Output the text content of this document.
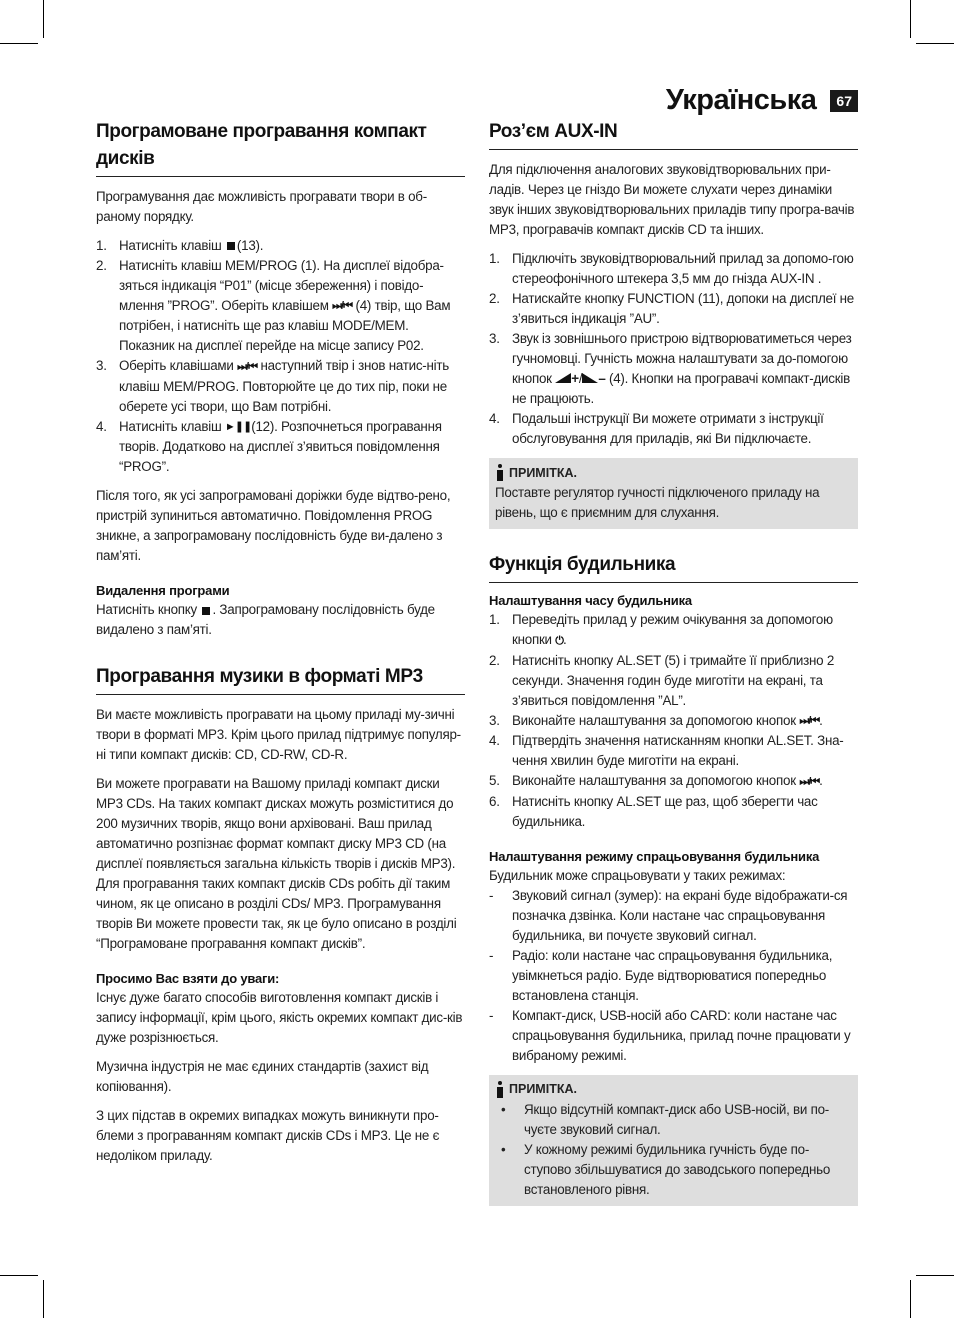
Українська	67
Програмоване програвання компакт дисків

Програмування дає можливість програвати твори в об-раному порядку.

1. Натисніть клавіш (13).
2. Натисніть клавіш MEM/PROG (1). На дисплеї відобра-зяться індикація “P01” (місце збереження) і повідо-млення ”PROG”. Оберіть клавішем ⏭/⏮ (4) твір, що Вам потрібен, і натисніть ще раз клавіш MODE/MEM. Показник на дисплеї перейде на місце запису P02.
3. Оберіть клавішами ⏭/⏮ наступний твір і знов натис-ніть клавіш MEM/PROG. Повторюйте це до тих пір, поки не оберете усі твори, що Вам потрібні.
4. Натисніть клавіш ►❚❚(12). Розпочнеться програвання творів. Додатково на дисплеї з’явиться повідомлення “PROG”.

Після того, як усі запрограмовані доріжки буде відтво-рено, пристрій зупиниться автоматично. Повідомлення PROG зникне, а запрограмовану послідовність буде ви-далено з пам’яті.

Видалення програми

Натисніть кнопку . Запрограмовану послідовність буде видалено з пам’яті.

Програвання музики в форматі MP3

Ви маєте можливість програвати на цьому приладі му-зичні твори в форматі MP3. Крім цього прилад підтримує популяр-ні типи компакт дисків: CD, CD-RW, CD-R.

Ви можете програвати на Вашому приладі компакт диски MP3 CDs. На таких компакт дисках можуть розміститися до 200 музичних творів, якщо вони архівовані. Ваш прилад автоматично розпізнає формат компакт диску MP3 CD (на дисплеї появляється загальна кількість творів і дисків MP3). Для програвання таких компакт дисків CDs робіть дії таким чином, як це описано в розділі CDs/ MP3. Програмування творів Ви можете провести так, як це було описано в розділі “Програмоване програвання компакт дисків”.

Просимо Вас взяти до уваги:

Існує дуже багато способів виготовлення компакт дисків і запису інформації, крім цього, якість окремих компакт дис-ків дуже розрізнюється.

Музична індустрія не має єдиних стандартів (захист від копіювання).

З цих підстав в окремих випадках можуть виникнути про-блеми з програванням компакт дисків CDs і MP3. Це не є недоліком приладу.

Роз’єм AUX-IN

Для підключення аналогових звуковідтворювальних при-ладів. Через це гніздо Ви можете слухати через динаміки звук інших звуковідтворювальних приладів типу програ-вачів MP3, програвачів компакт дисків CD та інших.

1. Підключіть звуковідтворювальний прилад за допомо-гою стереофонічного штекера 3,5 мм до гнізда AUX-IN .
2. Натискайте кнопку FUNCTION (11), допоки на дисплеї не з’явиться індикація ”AU”.
3. Звук із зовнішнього пристрою відтворюватиметься через гучномовці. Гучність можна налаштувати за до-помогою кнопок +/ – (4). Кнопки на програвачі компакт-дисків не працюють.
4. Подальші інструкції Ви можете отримати з інструкції обслуговування для приладів, які Ви підключаєте.
ПРИМІТКА.

Поставте регулятор гучності підключеного приладу на рівень, що є приємним для слухання.

Функція будильника
Налаштування часу будильника
1. Переведіть прилад у режим очікування за допомогою кнопки ⏻.
2. Натисніть кнопку AL.SET (5) і тримайте її приблизно 2 секунди. Значення годин буде миготіти на екрані, та з’явиться повідомлення ”AL”.
3. Виконайте налаштування за допомогою кнопок ⏭/⏮.
4. Підтвердіть значення натисканням кнопки AL.SET. Зна-чення хвилин буде миготіти на екрані.
5. Виконайте налаштування за допомогою кнопок ⏭/⏮.
6. Натисніть кнопку AL.SET ще раз, щоб зберегти час будильника.
Налаштування режиму спрацьовування будильника

Будильник може спрацьовувати у таких режимах:

- Звуковий сигнал (зумер): на екрані буде відображати-ся позначка дзвінка. Коли настане час спрацьовування будильника, ви почуєте звуковий сигнал.
- Радіо: коли настане час спрацьовування будильника, увімкнеться радіо. Буде відтворюватися попередньо встановлена станція.
- Компакт-диск, USB-носій або CARD: коли настане час спрацьовування будильника, прилад почне працювати у вибраному режимі.
ПРИМІТКА.
• Якщо відсутній компакт-диск або USB-носій, ви по-чуєте звуковий сигнал.
• У кожному режимі будильника гучність буде по-ступово збільшуватися до заводського попередньо встановленого рівня.
